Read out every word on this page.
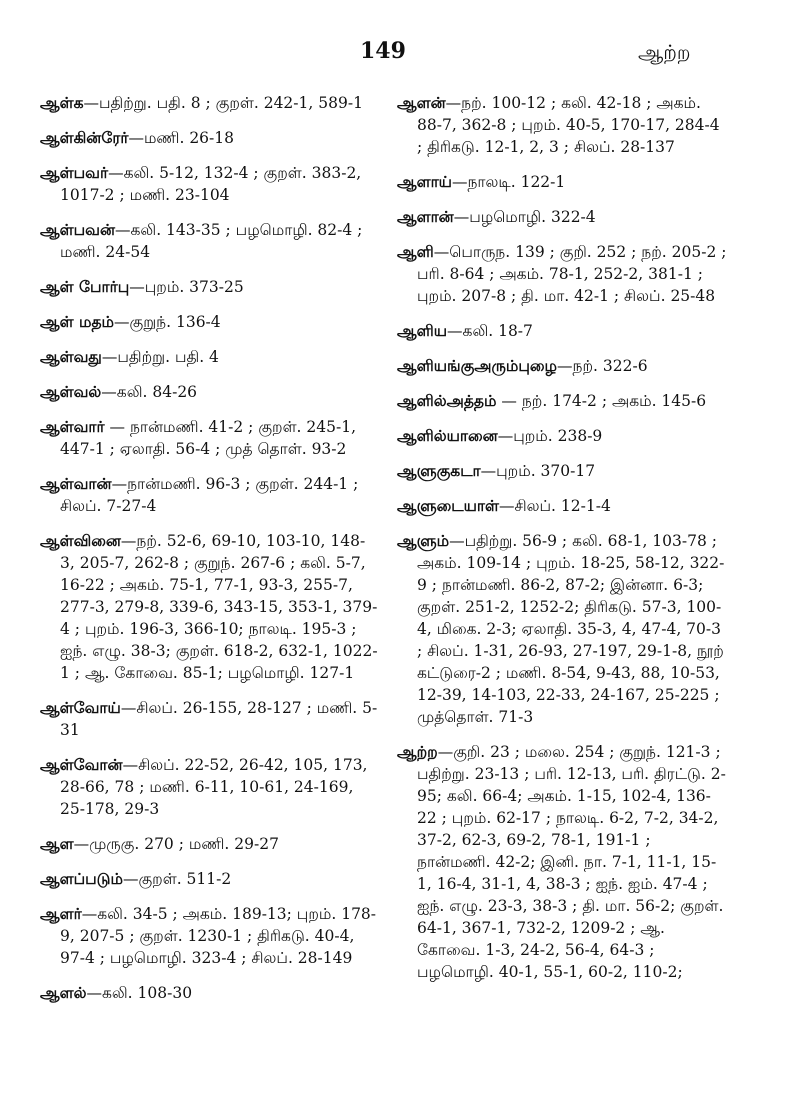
149	ஆற்ற
ஆள்க—பதிற்று. பதி. 8 ; குறள். 242-1, 589-1
ஆள்கின்ரேர்—மணி. 26-18
ஆள்பவர்—கலி. 5-12, 132-4 ; குறள். 383-2, 1017-2 ; மணி. 23-104
ஆள்பவன்—கலி. 143-35 ; பழமொழி. 82-4 ; மணி. 24-54
ஆள் போர்பு—புறம். 373-25
ஆள் மதம்—குறுந். 136-4
ஆள்வது—பதிற்று. பதி. 4
ஆள்வல்—கலி. 84-26
ஆள்வார் — நான்மணி. 41-2 ; குறள். 245-1, 447-1 ; ஏலாதி. 56-4 ; முத் தொள். 93-2
ஆள்வான்—நான்மணி. 96-3 ; குறள். 244-1 ; சிலப். 7-27-4
ஆள்வினை—நற். 52-6, 69-10, 103-10, 148-3, 205-7, 262-8 ; குறுந். 267-6 ; கலி. 5-7, 16-22 ; அகம். 75-1, 77-1, 93-3, 255-7, 277-3, 279-8, 339-6, 343-15, 353-1, 379-4 ; புறம். 196-3, 366-10; நாலடி. 195-3 ; ஐந். எழு. 38-3; குறள். 618-2, 632-1, 1022-1 ; ஆ. கோவை. 85-1; பழமொழி. 127-1
ஆள்வோய்—சிலப். 26-155, 28-127 ; மணி. 5-31
ஆள்வோன்—சிலப். 22-52, 26-42, 105, 173, 28-66, 78 ; மணி. 6-11, 10-61, 24-169, 25-178, 29-3
ஆள—முருகு. 270 ; மணி. 29-27
ஆளப்படும்—குறள். 511-2
ஆளர்—கலி. 34-5 ; அகம். 189-13; புறம். 178-9, 207-5 ; குறள். 1230-1 ; திரிகடு. 40-4, 97-4 ; பழமொழி. 323-4 ; சிலப். 28-149
ஆளல்—கலி. 108-30
ஆளன்—நற். 100-12 ; கலி. 42-18 ; அகம். 88-7, 362-8 ; புறம். 40-5, 170-17, 284-4 ; திரிகடு. 12-1, 2, 3 ; சிலப். 28-137
ஆளாய்—நாலடி. 122-1
ஆளான்—பழமொழி. 322-4
ஆளி—பொருந. 139 ; குறி. 252 ; நற். 205-2 ; பரி. 8-64 ; அகம். 78-1, 252-2, 381-1 ; புறம். 207-8 ; தி. மா. 42-1 ; சிலப். 25-48
ஆளிய—கலி. 18-7
ஆளியங்குஅரும்புழை—நற். 322-6
ஆளில்அத்தம் — நற். 174-2 ; அகம். 145-6
ஆளில்யானை—புறம். 238-9
ஆளுகுகடா—புறம். 370-17
ஆளுடையாள்—சிலப். 12-1-4
ஆளும்—பதிற்று. 56-9 ; கலி. 68-1, 103-78 ; அகம். 109-14 ; புறம். 18-25, 58-12, 322-9 ; நான்மணி. 86-2, 87-2; இன்னா. 6-3; குறள். 251-2, 1252-2; திரிகடு. 57-3, 100-4, மிகை. 2-3; ஏலாதி. 35-3, 4, 47-4, 70-3 ; சிலப். 1-31, 26-93, 27-197, 29-1-8, நூற் கட்டுரை-2 ; மணி. 8-54, 9-43, 88, 10-53, 12-39, 14-103, 22-33, 24-167, 25-225 ; முத்தொள். 71-3
ஆற்ற—குறி. 23 ; மலை. 254 ; குறுந். 121-3 ; பதிற்று. 23-13 ; பரி. 12-13, பரி. திரட்டு. 2-95; கலி. 66-4; அகம். 1-15, 102-4, 136-22 ; புறம். 62-17 ; நாலடி. 6-2, 7-2, 34-2, 37-2, 62-3, 69-2, 78-1, 191-1 ; நான்மணி. 42-2; இனி. நா. 7-1, 11-1, 15-1, 16-4, 31-1, 4, 38-3 ; ஐந். ஐம். 47-4 ; ஐந். எழு. 23-3, 38-3 ; தி. மா. 56-2; குறள். 64-1, 367-1, 732-2, 1209-2 ; ஆ. கோவை. 1-3, 24-2, 56-4, 64-3 ; பழமொழி. 40-1, 55-1, 60-2, 110-2;
